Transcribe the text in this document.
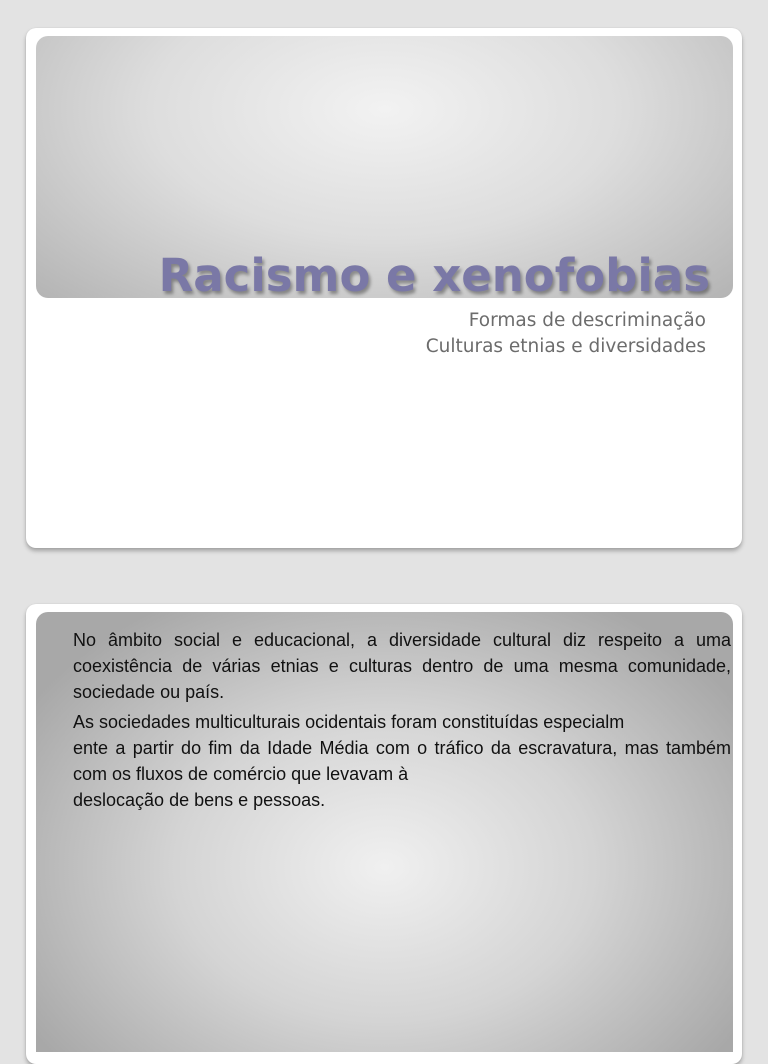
Racismo e xenofobias
Formas de descriminação
Culturas etnias e diversidades

No âmbito social e educacional, a diversidade cultural diz respeito a uma coexistência de várias etnias e culturas dentro de uma mesma comunidade, sociedade ou país.

As sociedades multiculturais ocidentais foram constituídas especialm
ente a partir do fim da Idade Média com o tráfico da escravatura, mas também com os fluxos de comércio que levavam à
deslocação de bens e pessoas.
